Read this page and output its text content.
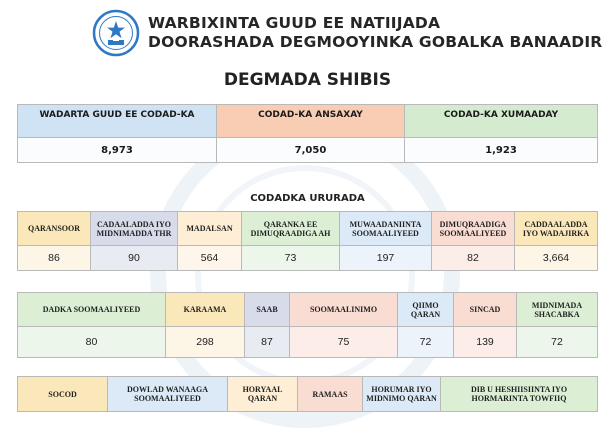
WARBIXINTA GUUD EE NATIIJADA
DOORASHADA DEGMOOYINKA GOBALKA BANAADIR
DEGMADA SHIBIS
WADARTA GUUD EE CODAD-KA	CODAD-KA ANSAXAY	CODAD-KA XUMAADAY
8,973	7,050	1,923
CODADKA URURADA
QARANSOOR	CADAALADDA IYO MIDNIMADDA THR	MADALSAN	QARANKA EE DIMUQRAADIGA AH	MUWAADANIINTA SOOMAALIYEED	DIMUQRAADIGA SOOMAALIYEED	CADDAALADDA IYO WADAJIRKA
86	90	564	73	197	82	3,664
DADKA SOOMAALIYEED	KARAAMA	SAAB	SOOMAALINIMO	QIIMO QARAN	SINCAD	MIDNIMADA SHACABKA
80	298	87	75	72	139	72
SOCOD	DOWLAD WANAAGA SOOMAALIYEED	HORYAAL QARAN	RAMAAS	HORUMAR IYO MIDNIMO QARAN	DIB U HESHIISIINTA IYO HORMARINTA TOWFIIQ
